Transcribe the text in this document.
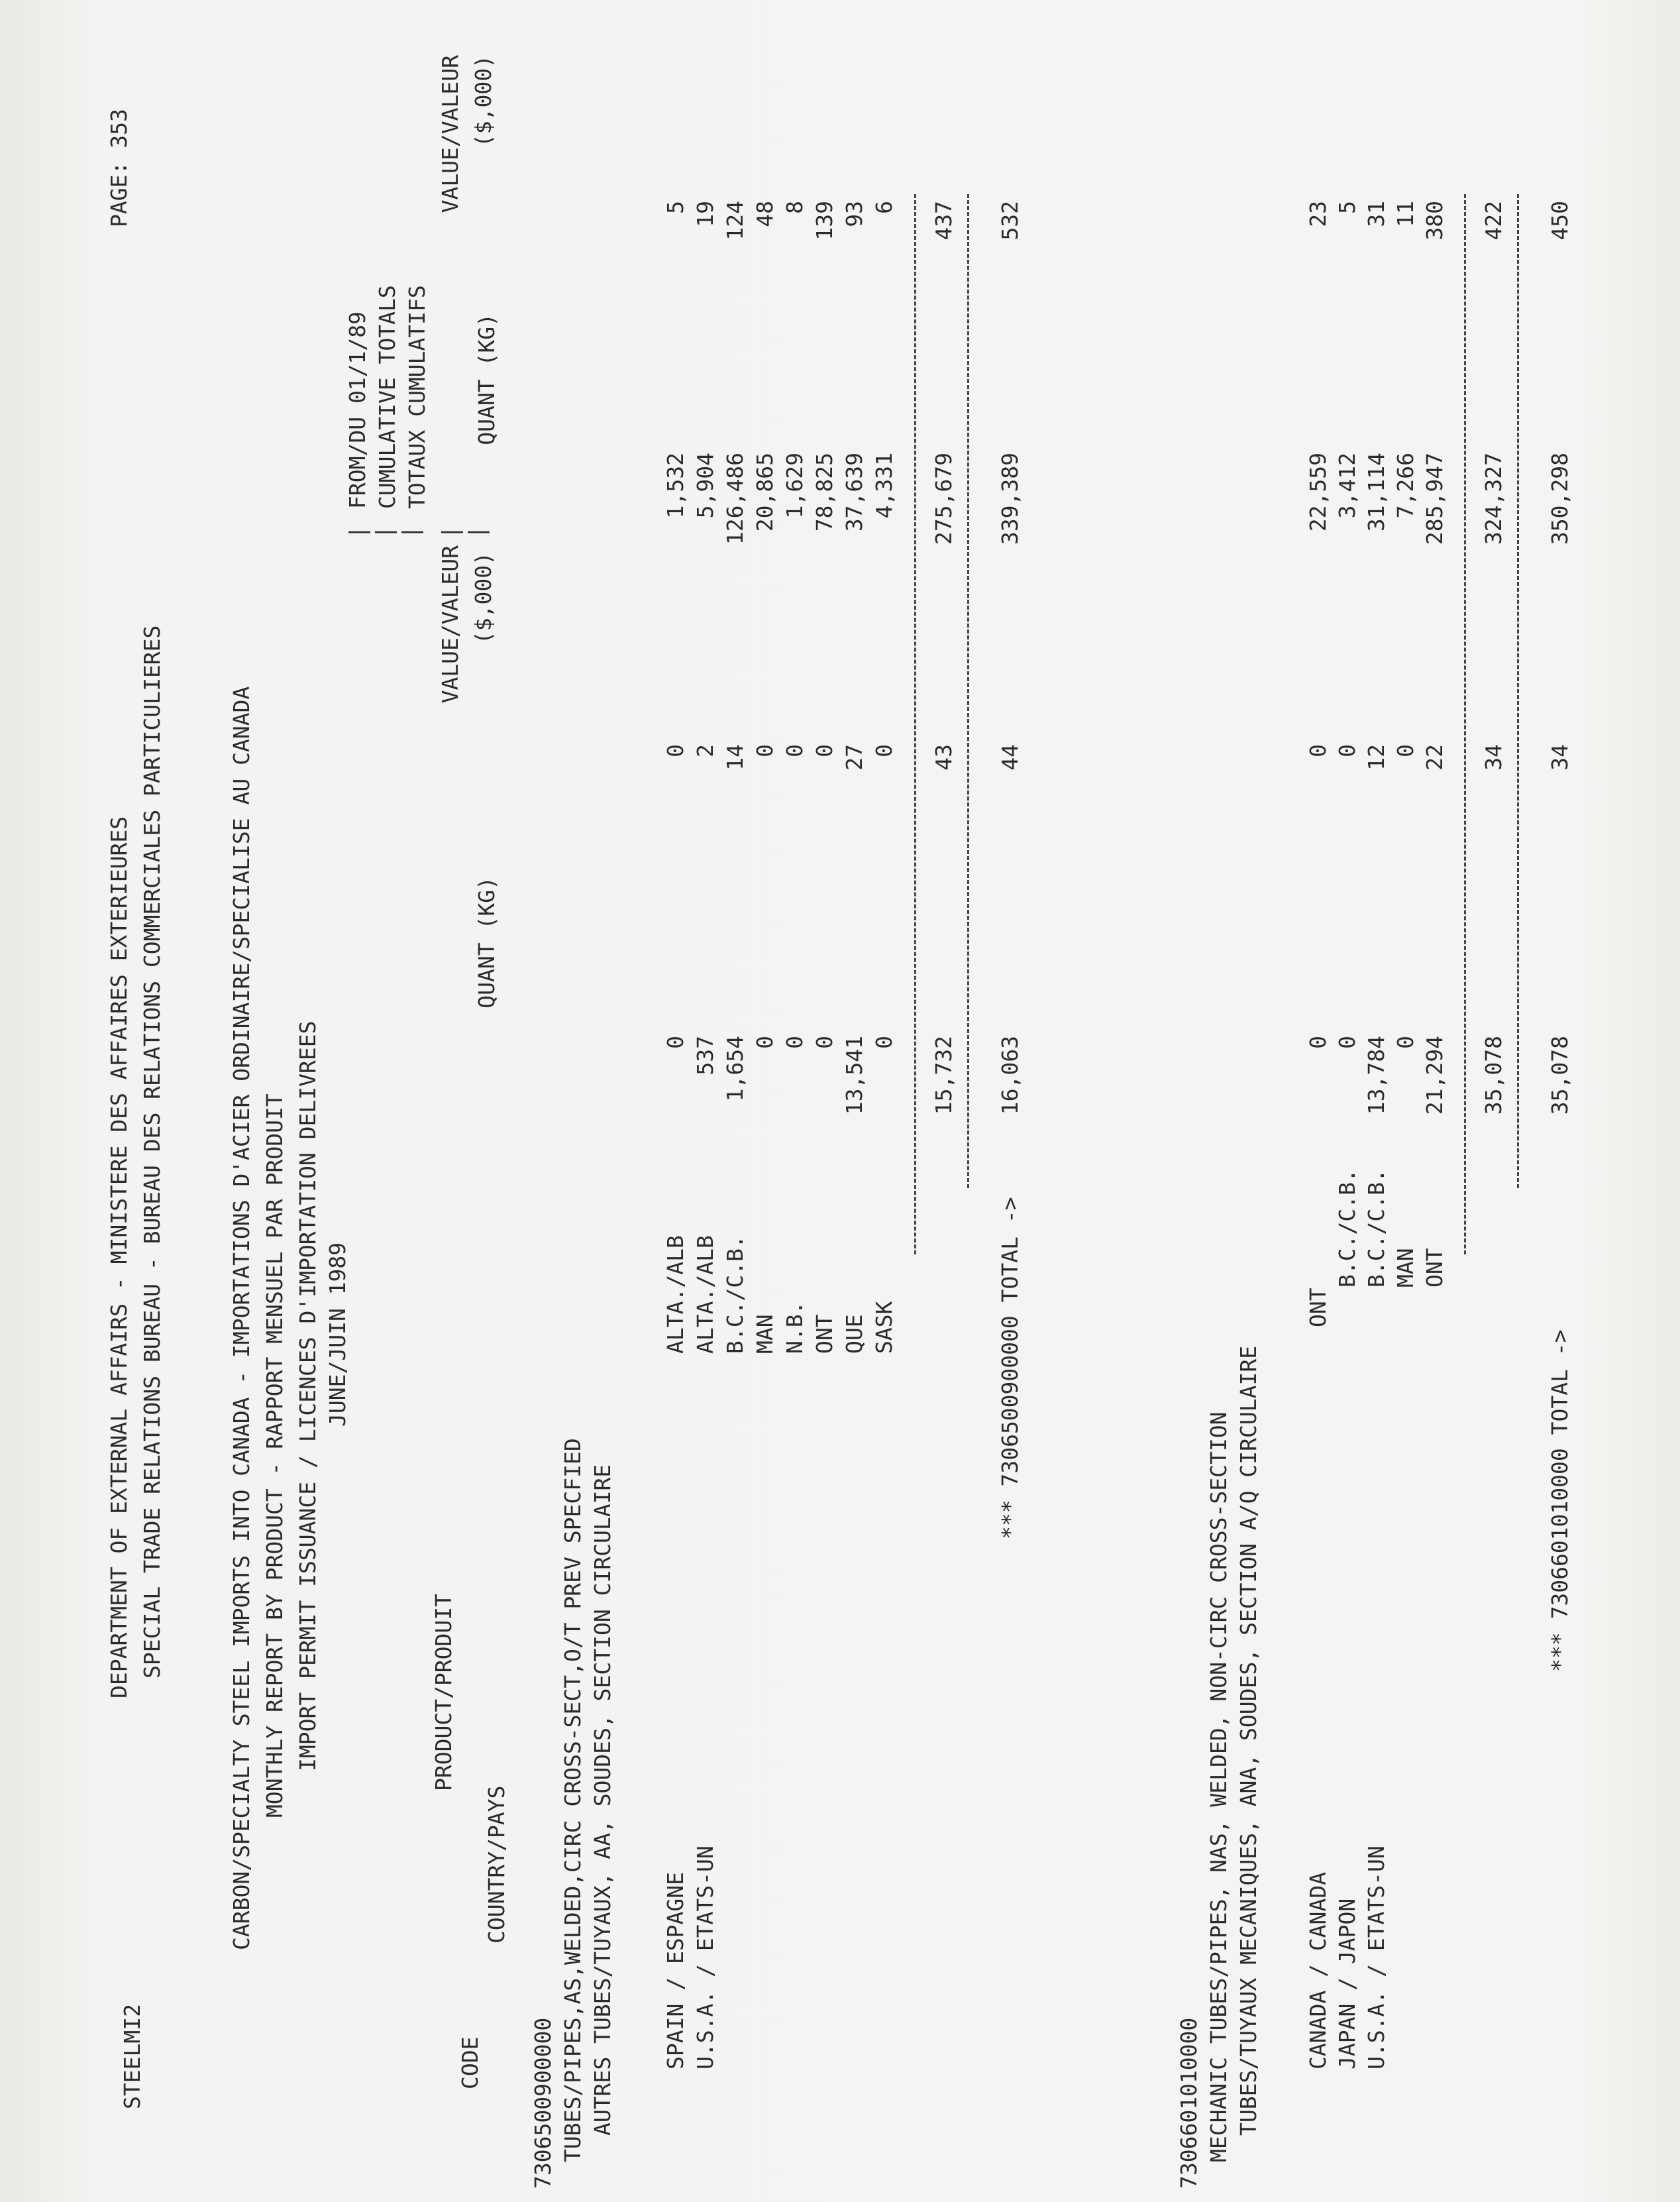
STEELMI2
DEPARTMENT OF EXTERNAL AFFAIRS - MINISTERE DES AFFAIRES EXTERIEURES SPECIAL TRADE RELATIONS BUREAU - BUREAU DES RELATIONS COMMERCIALES PARTICULIERES
PAGE: 353
CARBON/SPECIALTY STEEL IMPORTS INTO CANADA - IMPORTATIONS D'ACIER ORDINAIRE/SPECIALISE AU CANADA MONTHLY REPORT BY PRODUCT - RAPPORT MENSUEL PAR PRODUIT IMPORT PERMIT ISSUANCE / LICENCES D'IMPORTATION DELIVREES JUNE/JUIN 1989
|
|
|

FROM/DU 01/1/89 CUMULATIVE TOTALS TOTAUX CUMULATIFS
CODE
PRODUCT/PRODUIT
COUNTRY/PAYS
QUANT (KG)
VALUE/VALEUR ($,000)
|
|
QUANT (KG)
VALUE/VALEUR ($,000)
7306500900000 TUBES/PIPES,AS,WELDED,CIRC CROSS-SECT,O/T PREV SPECFIED AUTRES TUBES/TUYAUX, AA, SOUDES, SECTION CIRCULAIRE SPAIN / ESPAGNE
ALTA./ALB
0
0
1,532
5
U.S.A. / ETATS-UN
ALTA./ALB
537
2
5,904
19
B.C./C.B.
1,654
14
126,486
124
MAN
0
0
20,865
48
N.B.
0
0
1,629
8
ONT
0
0
78,825
139
QUE
13,541
27
37,639
93
SASK
0
0
4,331
6
15,732
43
275,679
437
*** 7306500900000 TOTAL ->
16,063
44
339,389
532
7306601010000 MECHANIC TUBES/PIPES, NAS, WELDED, NON-CIRC CROSS-SECTION TUBES/TUYAUX MECANIQUES, ANA, SOUDES, SECTION A/Q CIRCULAIRE CANADA / CANADA
ONT
0
0
22,559
23
JAPAN / JAPON
B.C./C.B.
0
0
3,412
5
U.S.A. / ETATS-UN
B.C./C.B.
13,784
12
31,114
31
MAN
0
0
7,266
11
ONT
21,294
22
285,947
380
35,078
34
324,327
422
*** 7306601010000 TOTAL ->
35,078
34
350,298
450
